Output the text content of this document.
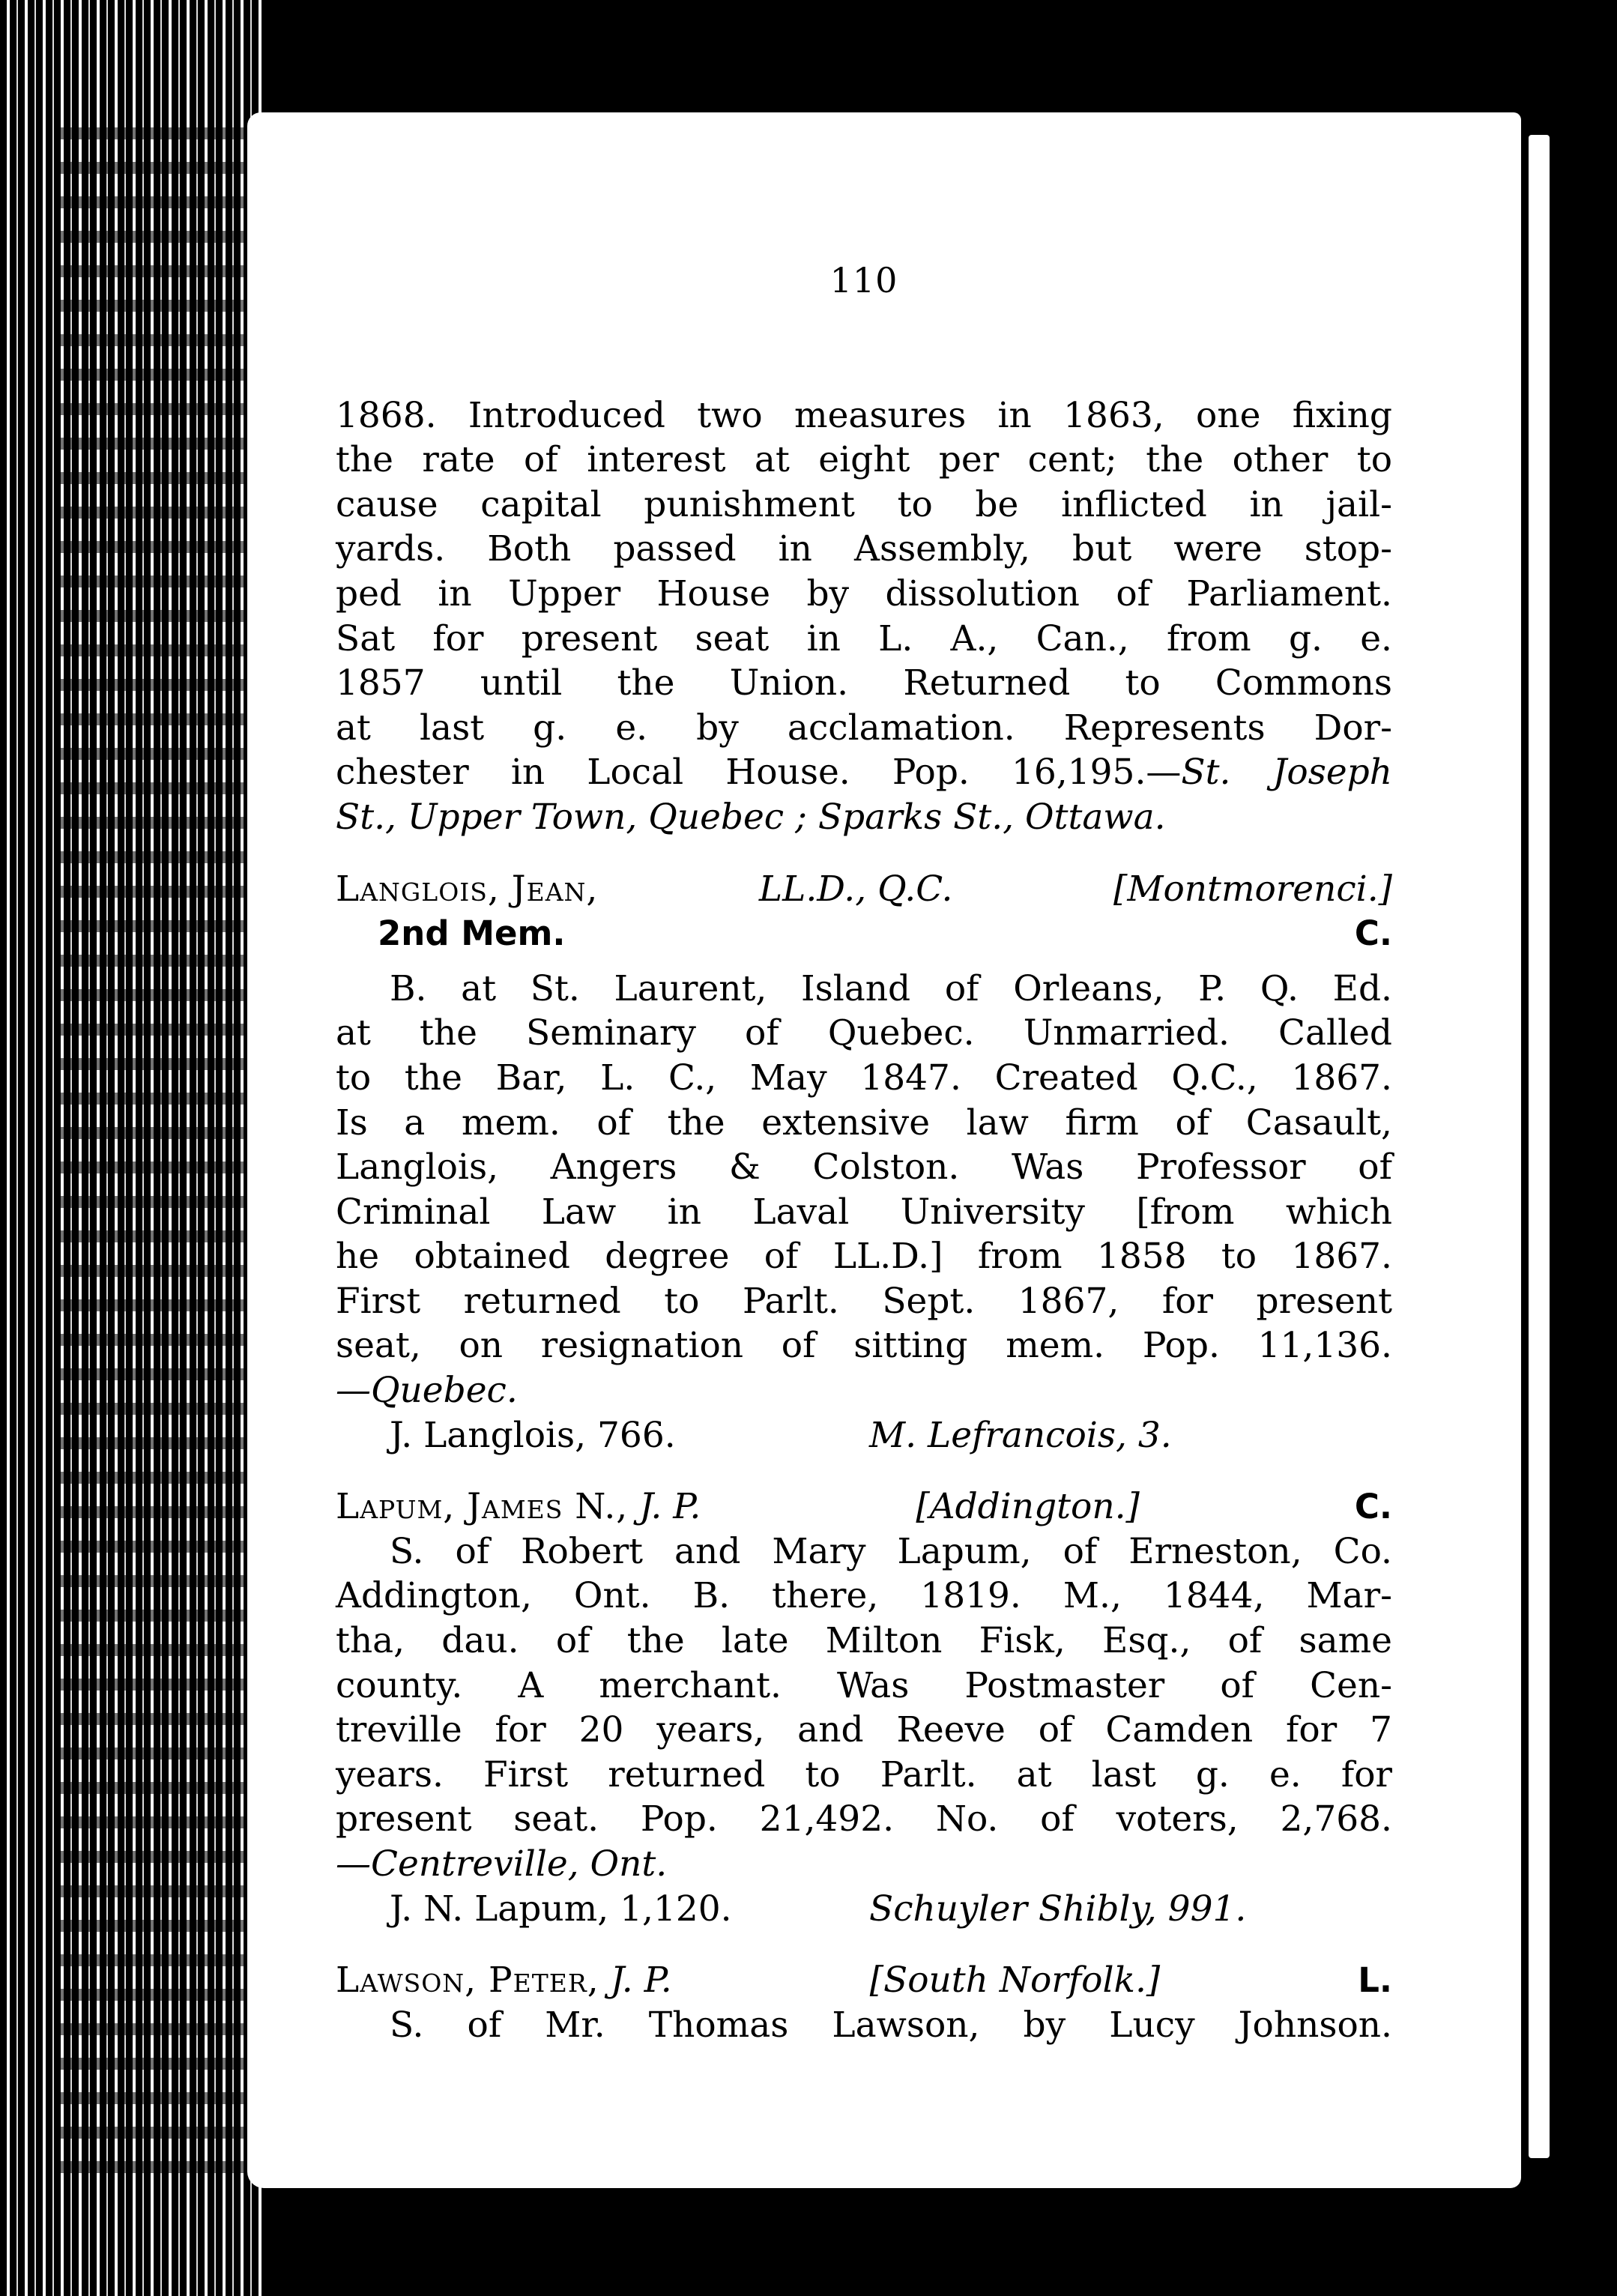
110
1868. Introduced two measures in 1863, one fixing
the rate of interest at eight per cent; the other to
cause capital punishment to be inflicted in jail-
yards. Both passed in Assembly, but were stop-
ped in Upper House by dissolution of Parliament.
Sat for present seat in L. A., Can., from g. e.
1857 until the Union. Returned to Commons
at last g. e. by acclamation. Represents Dor-
chester in Local House. Pop. 16,195.—St. Joseph
St., Upper Town, Quebec ; Sparks St., Ottawa.
Langlois, Jean,	LL.D., Q.C.	[Montmorenci.]
2nd Mem.	C.
B. at St. Laurent, Island of Orleans, P. Q. Ed.
at the Seminary of Quebec. Unmarried. Called
to the Bar, L. C., May 1847. Created Q.C., 1867.
Is a mem. of the extensive law firm of Casault,
Langlois, Angers & Colston. Was Professor of
Criminal Law in Laval University [from which
he obtained degree of LL.D.] from 1858 to 1867.
First returned to Parlt. Sept. 1867, for present
seat, on resignation of sitting mem. Pop. 11,136.
—Quebec.
J. Langlois, 766.	M. Lefrancois, 3.
Lapum, James N., J. P.	[Addington.]	C.
S. of Robert and Mary Lapum, of Erneston, Co.
Addington, Ont. B. there, 1819. M., 1844, Mar-
tha, dau. of the late Milton Fisk, Esq., of same
county. A merchant. Was Postmaster of Cen-
treville for 20 years, and Reeve of Camden for 7
years. First returned to Parlt. at last g. e. for
present seat. Pop. 21,492. No. of voters, 2,768.
—Centreville, Ont.
J. N. Lapum, 1,120.	Schuyler Shibly, 991.
Lawson, Peter, J. P.	[South Norfolk.]	L.
S. of Mr. Thomas Lawson, by Lucy Johnson.
